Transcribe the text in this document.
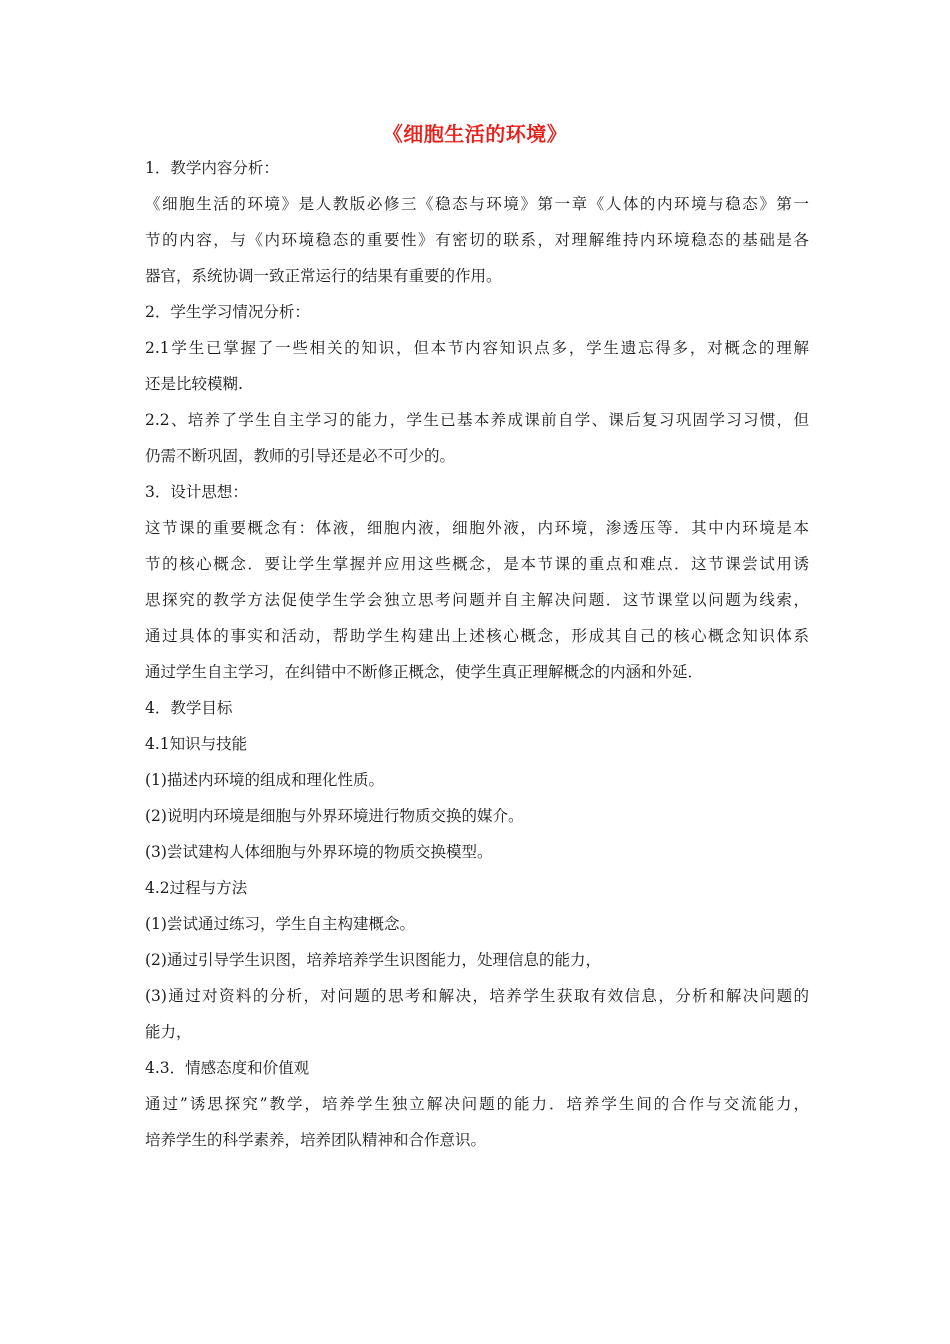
《细胞生活的环境》
1．教学内容分析：
《细胞生活的环境》是人教版必修三《稳态与环境》第一章《人体的内环境与稳态》第一
节的内容，与《内环境稳态的重要性》有密切的联系，对理解维持内环境稳态的基础是各
器官，系统协调一致正常运行的结果有重要的作用。
2．学生学习情况分析：
2.1学生已掌握了一些相关的知识，但本节内容知识点多，学生遗忘得多，对概念的理解
还是比较模糊.
2.2、培养了学生自主学习的能力，学生已基本养成课前自学、课后复习巩固学习习惯，但
仍需不断巩固，教师的引导还是必不可少的。
3．设计思想：
这节课的重要概念有：体液，细胞内液，细胞外液，内环境，渗透压等．其中内环境是本
节的核心概念．要让学生掌握并应用这些概念，是本节课的重点和难点．这节课尝试用诱
思探究的教学方法促使学生学会独立思考问题并自主解决问题．这节课堂以问题为线索，
通过具体的事实和活动，帮助学生构建出上述核心概念，形成其自己的核心概念知识体系
通过学生自主学习，在纠错中不断修正概念，使学生真正理解概念的内涵和外延．
4．教学目标
4.1知识与技能
(1)描述内环境的组成和理化性质。
(2)说明内环境是细胞与外界环境进行物质交换的媒介。
(3)尝试建构人体细胞与外界环境的物质交换模型。
4.2过程与方法
(1)尝试通过练习，学生自主构建概念。
(2)通过引导学生识图，培养培养学生识图能力，处理信息的能力，
(3)通过对资料的分析，对问题的思考和解决，培养学生获取有效信息，分析和解决问题的
能力，
4.3．情感态度和价值观
通过”诱思探究”教学，培养学生独立解决问题的能力．培养学生间的合作与交流能力，
培养学生的科学素养，培养团队精神和合作意识。
